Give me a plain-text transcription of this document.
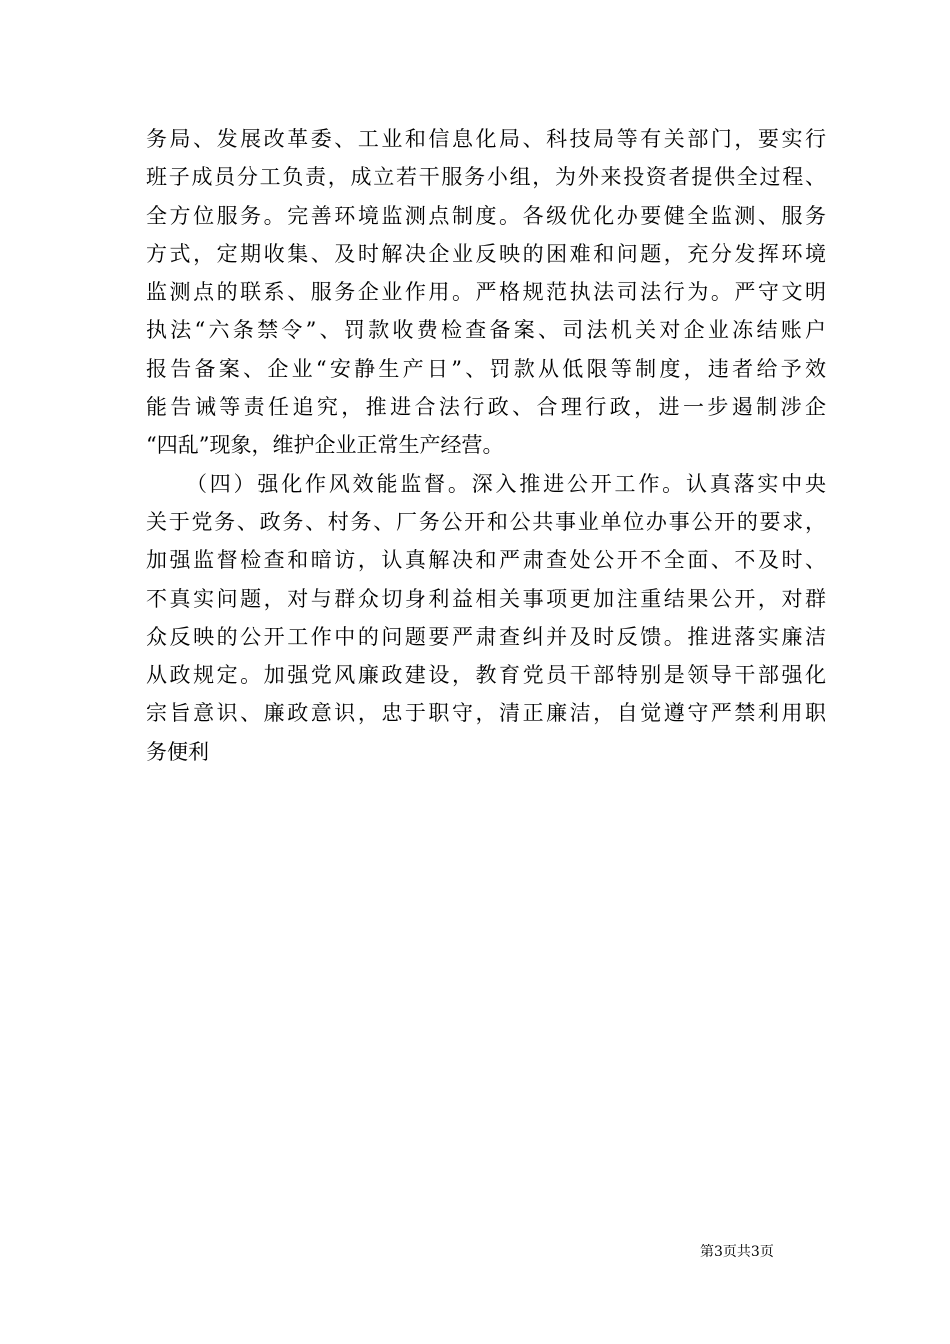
务局、发展改革委、工业和信息化局、科技局等有关部门，要实行
班子成员分工负责，成立若干服务小组，为外来投资者提供全过程、
全方位服务。完善环境监测点制度。各级优化办要健全监测、服务
方式，定期收集、及时解决企业反映的困难和问题，充分发挥环境
监测点的联系、服务企业作用。严格规范执法司法行为。严守文明
执法“六条禁令”、罚款收费检查备案、司法机关对企业冻结账户
报告备案、企业“安静生产日”、罚款从低限等制度，违者给予效
能告诫等责任追究，推进合法行政、合理行政，进一步遏制涉企
“四乱”现象，维护企业正常生产经营。
（四）强化作风效能监督。深入推进公开工作。认真落实中央
关于党务、政务、村务、厂务公开和公共事业单位办事公开的要求，
加强监督检查和暗访，认真解决和严肃查处公开不全面、不及时、
不真实问题，对与群众切身利益相关事项更加注重结果公开，对群
众反映的公开工作中的问题要严肃查纠并及时反馈。推进落实廉洁
从政规定。加强党风廉政建设，教育党员干部特别是领导干部强化
宗旨意识、廉政意识，忠于职守，清正廉洁，自觉遵守严禁利用职
务便利
第3页共3页
